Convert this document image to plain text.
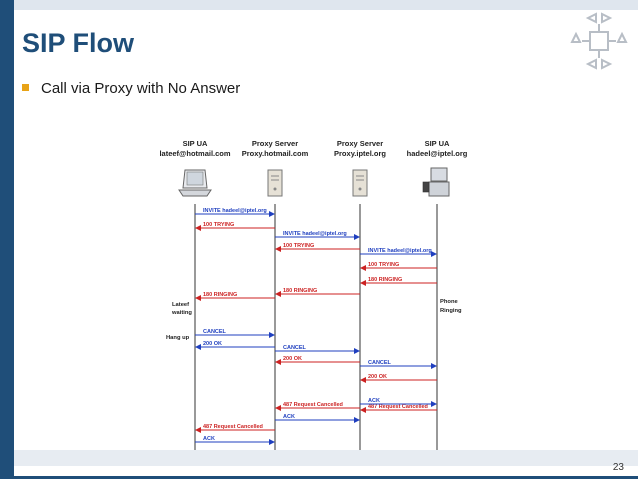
SIP Flow
Call via Proxy with No Answer
SIP UA
lateef@hotmail.com
Proxy Server
Proxy.hotmail.com
Proxy Server
Proxy.iptel.org
SIP UA
hadeel@iptel.org
INVITE hadeel@iptel.org
100 TRYING
INVITE hadeel@iptel.org
100 TRYING
INVITE hadeel@iptel.org
100 TRYING
180 RINGING
180 RINGING
180 RINGING
CANCEL
200 OK
CANCEL
200 OK
CANCEL
200 OK
487 Request Cancelled
ACK
487 Request Cancelled
ACK
487 Request Cancelled
ACK
Lateef
waiting
Hang up
Phone
Ringing
23
